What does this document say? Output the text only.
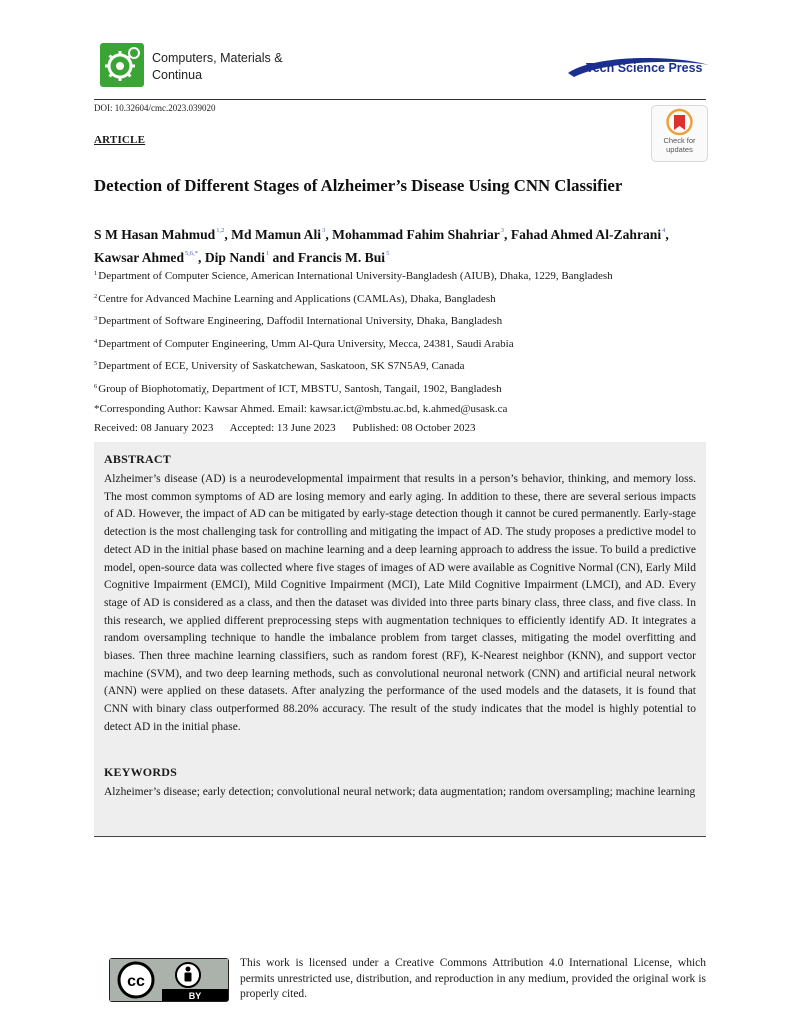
Computers, Materials & Continua	Tech Science Press
DOI: 10.32604/cmc.2023.039020
ARTICLE	Check for updates
Detection of Different Stages of Alzheimer’s Disease Using CNN Classifier
S M Hasan Mahmud$^{1,2}$, Md Mamun Ali$^3$, Mohammad Fahim Shahriar$^3$, Fahad Ahmed Al-Zahrani$^4$,
Kawsar Ahmed$^{5,6,*}$, Dip Nandi$^1$ and Francis M. Bui$^5$
$^1$Department of Computer Science, American International University-Bangladesh (AIUB), Dhaka, 1229, Bangladesh
$^2$Centre for Advanced Machine Learning and Applications (CAMLAs), Dhaka, Bangladesh
$^3$Department of Software Engineering, Daffodil International University, Dhaka, Bangladesh
$^4$Department of Computer Engineering, Umm Al-Qura University, Mecca, 24381, Saudi Arabia
$^5$Department of ECE, University of Saskatchewan, Saskatoon, SK S7N5A9, Canada
$^6$Group of Biophotomatiχ, Department of ICT, MBSTU, Santosh, Tangail, 1902, Bangladesh
*Corresponding Author: Kawsar Ahmed. Email: kawsar.ict@mbstu.ac.bd, k.ahmed@usask.ca
Received: 08 January 2023 Accepted: 13 June 2023 Published: 08 October 2023
ABSTRACT
Alzheimer’s disease (AD) is a neurodevelopmental impairment that results in a person’s behavior, thinking, and memory loss. The most common symptoms of AD are losing memory and early aging. In addition to these, there are several serious impacts of AD. However, the impact of AD can be mitigated by early-stage detection though it cannot be cured permanently. Early-stage detection is the most challenging task for controlling and mitigating the impact of AD. The study proposes a predictive model to detect AD in the initial phase based on machine learning and a deep learning approach to address the issue. To build a predictive model, open-source data was collected where five stages of images of AD were available as Cognitive Normal (CN), Early Mild Cognitive Impairment (EMCI), Mild Cognitive Impairment (MCI), Late Mild Cognitive Impairment (LMCI), and AD. Every stage of AD is considered as a class, and then the dataset was divided into three parts binary class, three class, and five class. In this research, we applied different preprocessing steps with augmentation techniques to efficiently identify AD. It integrates a random oversampling technique to handle the imbalance problem from target classes, mitigating the model overfitting and biases. Then three machine learning classifiers, such as random forest (RF), K-Nearest neighbor (KNN), and support vector machine (SVM), and two deep learning methods, such as convolutional neuronal network (CNN) and artificial neural network (ANN) were applied on these datasets. After analyzing the performance of the used models and the datasets, it is found that CNN with binary class outperformed 88.20% accuracy. The result of the study indicates that the model is highly potential to detect AD in the initial phase.
KEYWORDS
Alzheimer’s disease; early detection; convolutional neural network; data augmentation; random oversampling; machine learning
cc
BY
This work is licensed under a Creative Commons Attribution 4.0 International License, which permits unrestricted use, distribution, and reproduction in any medium, provided the original work is properly cited.
